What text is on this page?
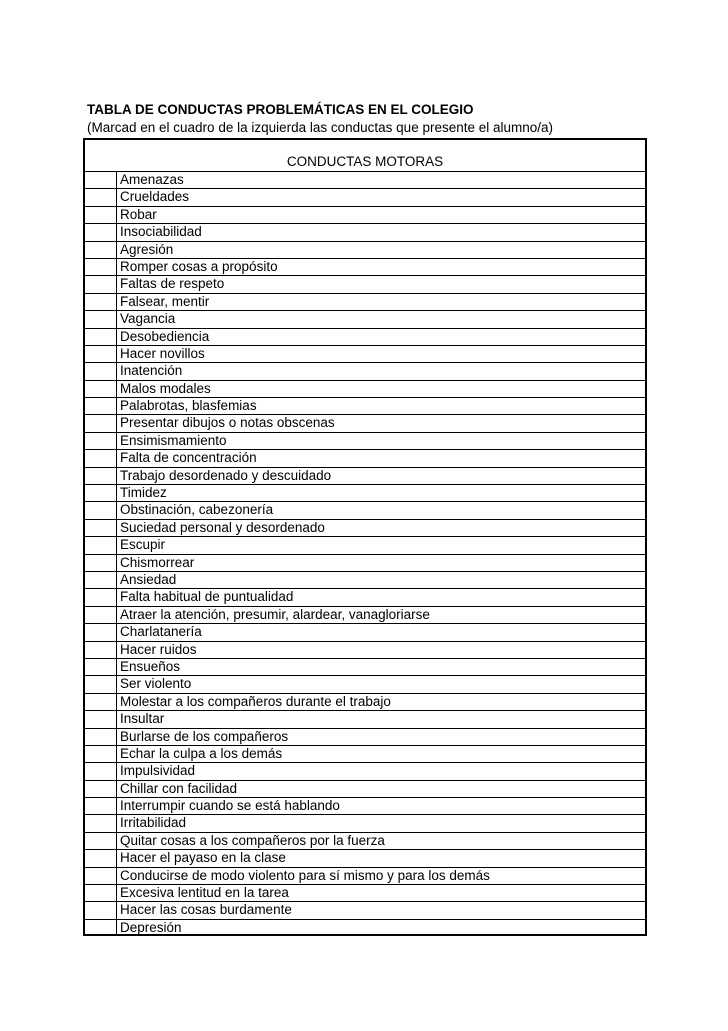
TABLA DE CONDUCTAS PROBLEMÁTICAS EN EL COLEGIO
(Marcad en el cuadro de la izquierda las conductas que presente el alumno/a)
CONDUCTAS MOTORAS
Amenazas
Crueldades
Robar
Insociabilidad
Agresión
Romper cosas a propósito
Faltas de respeto
Falsear, mentir
Vagancia
Desobediencia
Hacer novillos
Inatención
Malos modales
Palabrotas, blasfemias
Presentar dibujos o notas obscenas
Ensimismamiento
Falta de concentración
Trabajo desordenado y descuidado
Timidez
Obstinación, cabezonería
Suciedad personal y desordenado
Escupir
Chismorrear
Ansiedad
Falta habitual de puntualidad
Atraer la atención, presumir, alardear, vanagloriarse
Charlatanería
Hacer ruidos
Ensueños
Ser violento
Molestar a los compañeros durante el trabajo
Insultar
Burlarse de los compañeros
Echar la culpa a los demás
Impulsividad
Chillar con facilidad
Interrumpir cuando se está hablando
Irritabilidad
Quitar cosas a los compañeros por la fuerza
Hacer el payaso en la clase
Conducirse de modo violento para sí mismo y para los demás
Excesiva lentitud en la tarea
Hacer las cosas burdamente
Depresión
